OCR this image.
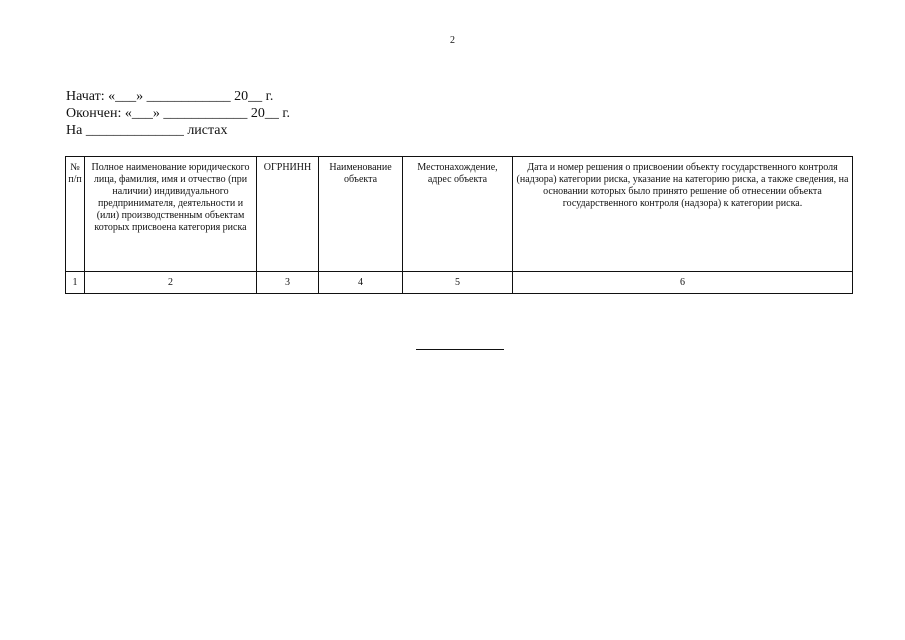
2
Начат: «___» ____________ 20__ г.
Окончен: «___» ____________ 20__ г.
На ______________ листах
№ п/п	Полное наименование юридического лица, фамилия, имя и отчество (при наличии) индивидуального предпринимателя, деятельности и (или) производственным объектам которых присвоена категория риска	ОГРНИНН	Наименование объекта	Местонахождение, адрес объекта	Дата и номер решения о присвоении объекту государственного контроля (надзора) категории риска, указание на категорию риска, а также сведения, на основании которых было принято решение об отнесении объекта государственного контроля (надзора) к категории риска.
1	2	3	4	5	6
